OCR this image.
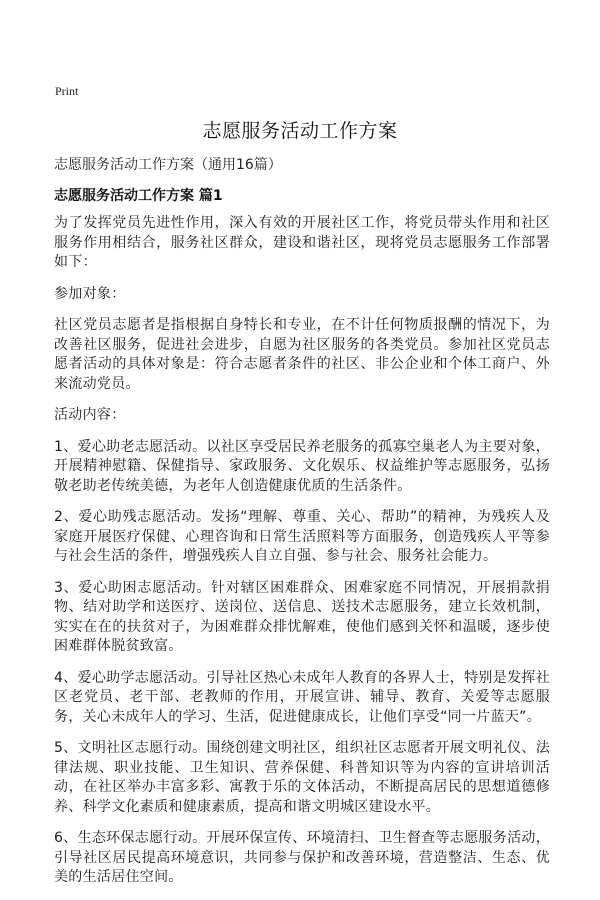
Print
志愿服务活动工作方案
志愿服务活动工作方案（通用16篇）
志愿服务活动工作方案 篇1

为了发挥党员先进性作用，深入有效的开展社区工作，将党员带头作用和社区服务作用相结合，服务社区群众，建设和谐社区，现将党员志愿服务工作部署如下：

参加对象：

社区党员志愿者是指根据自身特长和专业，在不计任何物质报酬的情况下，为改善社区服务，促进社会进步，自愿为社区服务的各类党员。参加社区党员志愿者活动的具体对象是：符合志愿者条件的社区、非公企业和个体工商户、外来流动党员。

活动内容：

1、爱心助老志愿活动。以社区享受居民养老服务的孤寡空巢老人为主要对象，开展精神慰籍、保健指导、家政服务、文化娱乐、权益维护等志愿服务，弘扬敬老助老传统美德，为老年人创造健康优质的生活条件。

2、爱心助残志愿活动。发扬“理解、尊重、关心、帮助”的精神，为残疾人及家庭开展医疗保健、心理咨询和日常生活照料等方面服务，创造残疾人平等参与社会生活的条件，增强残疾人自立自强、参与社会、服务社会能力。

3、爱心助困志愿活动。针对辖区困难群众、困难家庭不同情况，开展捐款捐物、结对助学和送医疗、送岗位、送信息、送技术志愿服务，建立长效机制，实实在在的扶贫对子，为困难群众排忧解难，使他们感到关怀和温暖，逐步使困难群体脱贫致富。

4、爱心助学志愿活动。引导社区热心未成年人教育的各界人士，特别是发挥社区老党员、老干部、老教师的作用，开展宣讲、辅导、教育、关爱等志愿服务，关心未成年人的学习、生活，促进健康成长，让他们享受“同一片蓝天”。

5、文明社区志愿行动。围绕创建文明社区，组织社区志愿者开展文明礼仪、法律法规、职业技能、卫生知识、营养保健、科普知识等为内容的宣讲培训活动，在社区举办丰富多彩、寓教于乐的文体活动，不断提高居民的思想道德修养、科学文化素质和健康素质，提高和谐文明城区建设水平。

6、生态环保志愿行动。开展环保宣传、环境清扫、卫生督查等志愿服务活动，引导社区居民提高环境意识，共同参与保护和改善环境，营造整洁、生态、优美的生活居住空间。
